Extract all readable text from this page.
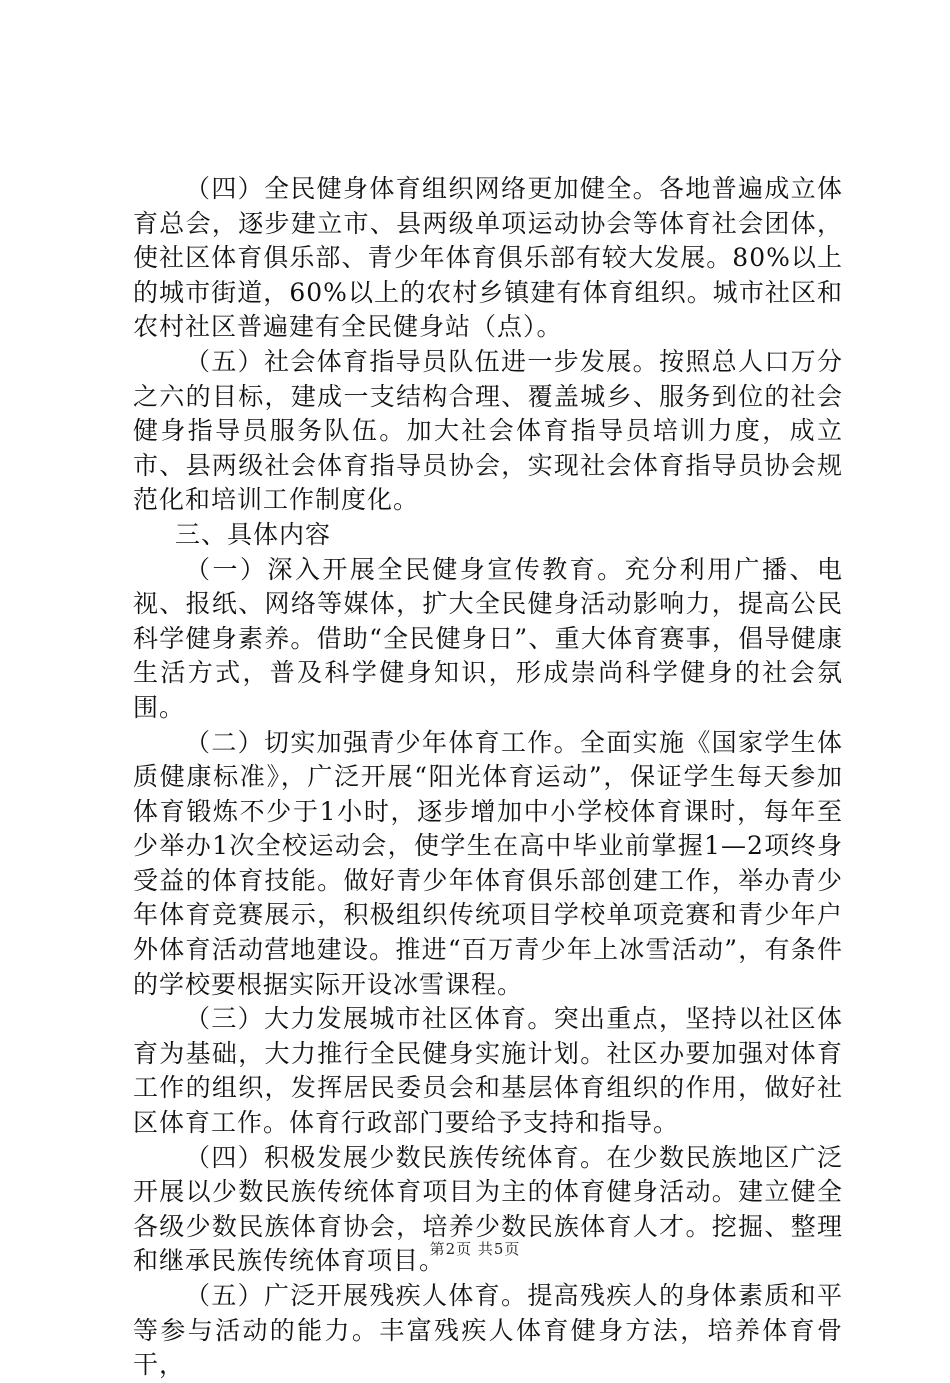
（四）全民健身体育组织网络更加健全。各地普遍成立体育总会，逐步建立市、县两级单项运动协会等体育社会团体，使社区体育俱乐部、青少年体育俱乐部有较大发展。80%以上的城市街道，60%以上的农村乡镇建有体育组织。城市社区和农村社区普遍建有全民健身站（点）。

（五）社会体育指导员队伍进一步发展。按照总人口万分之六的目标，建成一支结构合理、覆盖城乡、服务到位的社会健身指导员服务队伍。加大社会体育指导员培训力度，成立市、县两级社会体育指导员协会，实现社会体育指导员协会规范化和培训工作制度化。

三、具体内容

（一）深入开展全民健身宣传教育。充分利用广播、电视、报纸、网络等媒体，扩大全民健身活动影响力，提高公民科学健身素养。借助“全民健身日”、重大体育赛事，倡导健康生活方式，普及科学健身知识，形成崇尚科学健身的社会氛围。

（二）切实加强青少年体育工作。全面实施《国家学生体质健康标准》，广泛开展“阳光体育运动”，保证学生每天参加体育锻炼不少于1小时，逐步增加中小学校体育课时，每年至少举办1次全校运动会，使学生在高中毕业前掌握1—2项终身受益的体育技能。做好青少年体育俱乐部创建工作，举办青少年体育竞赛展示，积极组织传统项目学校单项竞赛和青少年户外体育活动营地建设。推进“百万青少年上冰雪活动”，有条件的学校要根据实际开设冰雪课程。

（三）大力发展城市社区体育。突出重点，坚持以社区体育为基础，大力推行全民健身实施计划。社区办要加强对体育工作的组织，发挥居民委员会和基层体育组织的作用，做好社区体育工作。体育行政部门要给予支持和指导。

（四）积极发展少数民族传统体育。在少数民族地区广泛开展以少数民族传统体育项目为主的体育健身活动。建立健全各级少数民族体育协会，培养少数民族体育人才。挖掘、整理和继承民族传统体育项目。

（五）广泛开展残疾人体育。提高残疾人的身体素质和平等参与活动的能力。丰富残疾人体育健身方法，培养体育骨干，

第2页 共5页
